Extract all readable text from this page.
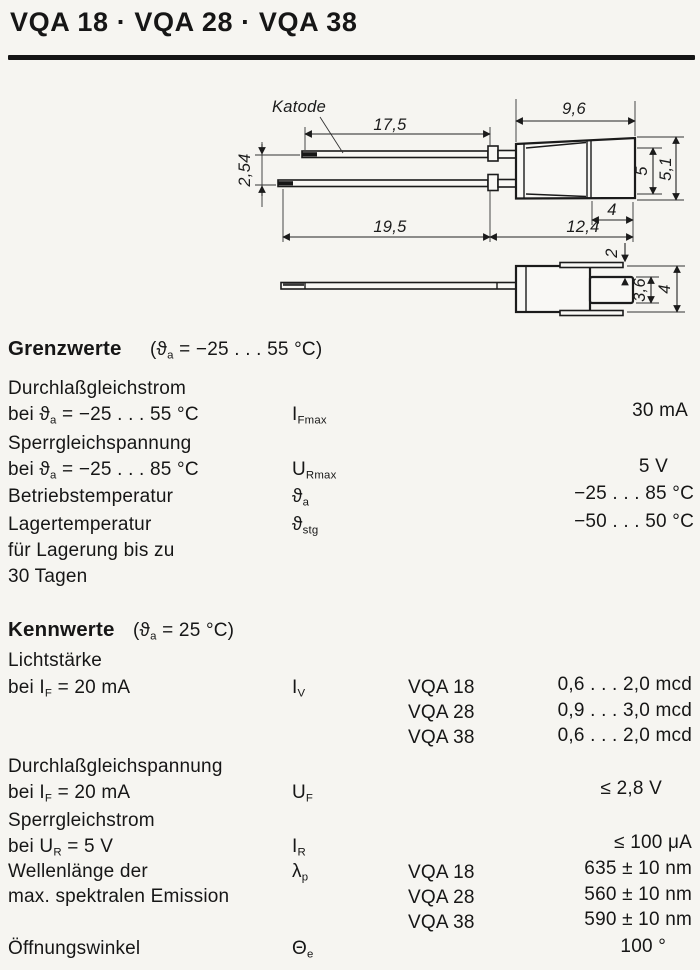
VQA 18 · VQA 28 · VQA 38
Katode
17,5
9,6
2,54
19,5	12,4
4
5 5,1
2
3,6 4
Grenzwerte ($ϑ_a = -25$ . . . 55 °C)
Durchlaßgleichstrom
bei $ϑ_a = -25$ . . . 55 °C	$I_{Fmax}$	30 mA
Sperrgleichspannung
bei $ϑ_a = -25$ . . . 85 °C	$U_{Rmax}$	5 V
Betriebstemperatur	$ϑ_a$	−25 . . . 85 °C
Lagertemperatur	$ϑ_{stg}$	−50 . . . 50 °C
für Lagerung bis zu
30 Tagen
Kennwerte ($ϑ_a = 25$ °C)
Lichtstärke
bei $I_F = 20$ mA	$I_V$	VQA 18	0,6 . . . 2,0 mcd
VQA 28	0,9 . . . 3,0 mcd
VQA 38	0,6 . . . 2,0 mcd
Durchlaßgleichspannung
bei $I_F = 20$ mA	$U_F$	≤ 2,8 V
Sperrgleichstrom
bei $U_R = 5$ V	$I_R$	≤ 100 μA
Wellenlänge der
max. spektralen Emission
$\lambda_p$	VQA 18	635 ± 10 nm
VQA 28	560 ± 10 nm
VQA 38	590 ± 10 nm
Öffnungswinkel	$\Theta_e$	100 °
